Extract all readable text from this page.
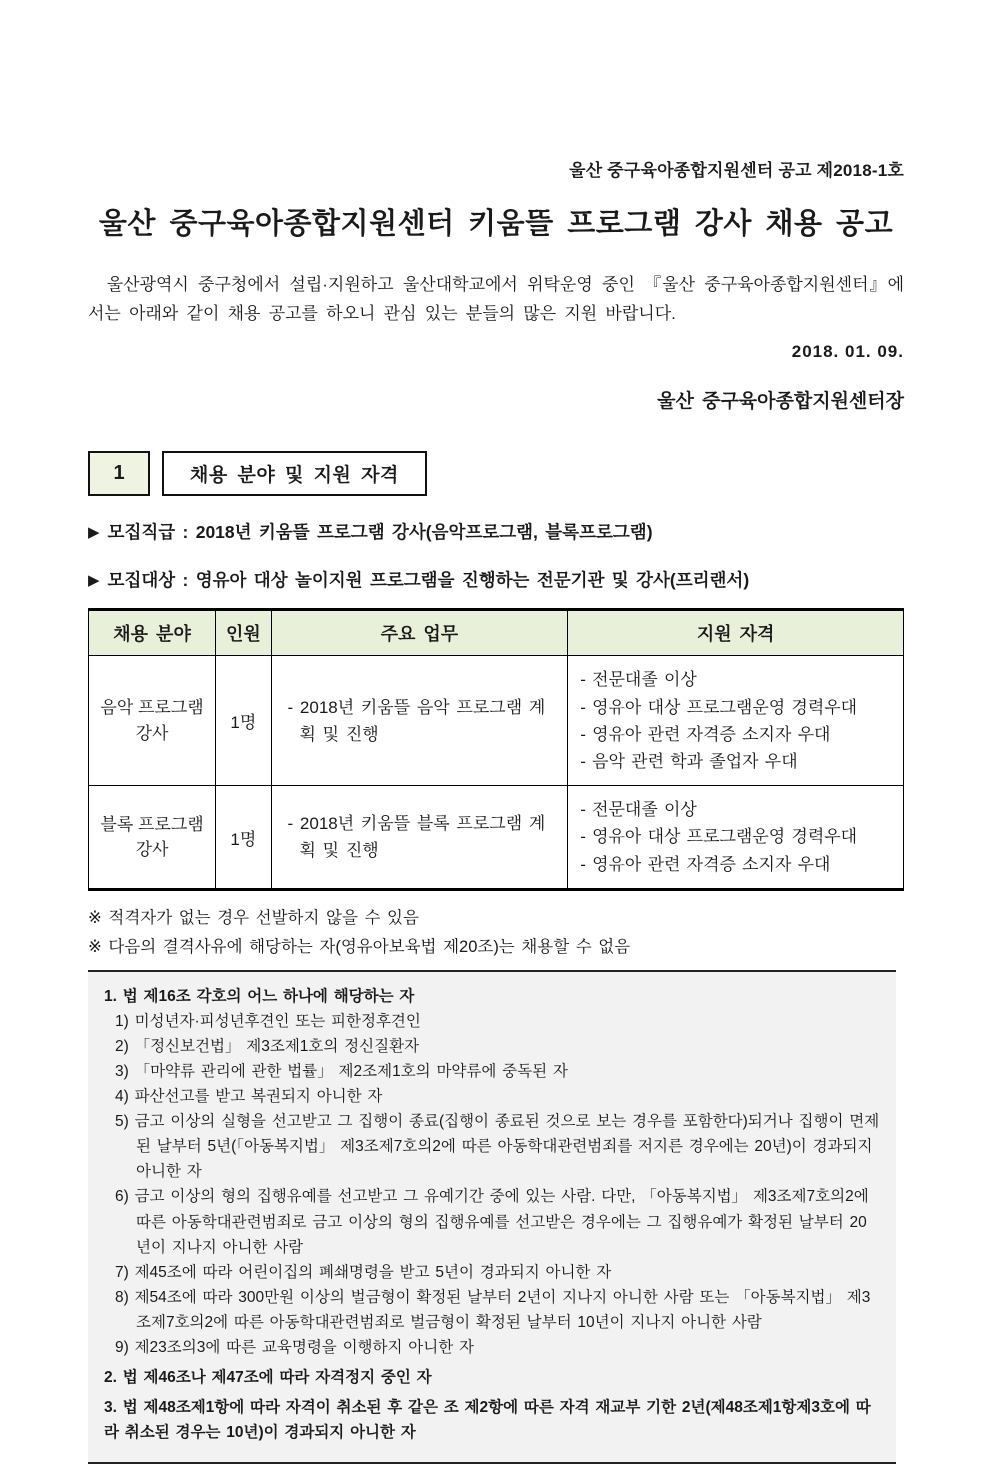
울산 중구육아종합지원센터 공고 제2018-1호
울산 중구육아종합지원센터 키움뜰 프로그램 강사 채용 공고

울산광역시 중구청에서 설립·지원하고 울산대학교에서 위탁운영 중인 『울산 중구육아종합지원센터』에서는 아래와 같이 채용 공고를 하오니 관심 있는 분들의 많은 지원 바랍니다.

2018. 01. 09.
울산 중구육아종합지원센터장
1	채용 분야 및 지원 자격
▶ 모집직급 : 2018년 키움뜰 프로그램 강사(음악프로그램, 블록프로그램)
▶ 모집대상 : 영유아 대상 놀이지원 프로그램을 진행하는 전문기관 및 강사(프리랜서)
채용 분야	인원	주요 업무	지원 자격
음악 프로그램 강사	1명	- 2018년 키움뜰 음악 프로그램 계획 및 진행	- 전문대졸 이상
- 영유아 대상 프로그램운영 경력우대
- 영유아 관련 자격증 소지자 우대
- 음악 관련 학과 졸업자 우대

블록 프로그램 강사	1명	- 2018년 키움뜰 블록 프로그램 계획 및 진행	- 전문대졸 이상
- 영유아 대상 프로그램운영 경력우대
- 영유아 관련 자격증 소지자 우대
※ 적격자가 없는 경우 선발하지 않을 수 있음
※ 다음의 결격사유에 해당하는 자(영유아보육법 제20조)는 채용할 수 없음
1. 법 제16조 각호의 어느 하나에 해당하는 자
1) 미성년자·피성년후견인 또는 피한정후견인
2) 「정신보건법」 제3조제1호의 정신질환자
3) 「마약류 관리에 관한 법률」 제2조제1호의 마약류에 중독된 자
4) 파산선고를 받고 복권되지 아니한 자
5) 금고 이상의 실형을 선고받고 그 집행이 종료(집행이 종료된 것으로 보는 경우를 포함한다)되거나 집행이 면제된 날부터 5년(「아동복지법」 제3조제7호의2에 따른 아동학대관련범죄를 저지른 경우에는 20년)이 경과되지 아니한 자
6) 금고 이상의 형의 집행유예를 선고받고 그 유예기간 중에 있는 사람. 다만, 「아동복지법」 제3조제7호의2에 따른 아동학대관련범죄로 금고 이상의 형의 집행유예를 선고받은 경우에는 그 집행유예가 확정된 날부터 20년이 지나지 아니한 사람
7) 제45조에 따라 어린이집의 폐쇄명령을 받고 5년이 경과되지 아니한 자
8) 제54조에 따라 300만원 이상의 벌금형이 확정된 날부터 2년이 지나지 아니한 사람 또는 「아동복지법」 제3조제7호의2에 따른 아동학대관련범죄로 벌금형이 확정된 날부터 10년이 지나지 아니한 사람
9) 제23조의3에 따른 교육명령을 이행하지 아니한 자
2. 법 제46조나 제47조에 따라 자격정지 중인 자
3. 법 제48조제1항에 따라 자격이 취소된 후 같은 조 제2항에 따른 자격 재교부 기한 2년(제48조제1항제3호에 따라 취소된 경우는 10년)이 경과되지 아니한 자
